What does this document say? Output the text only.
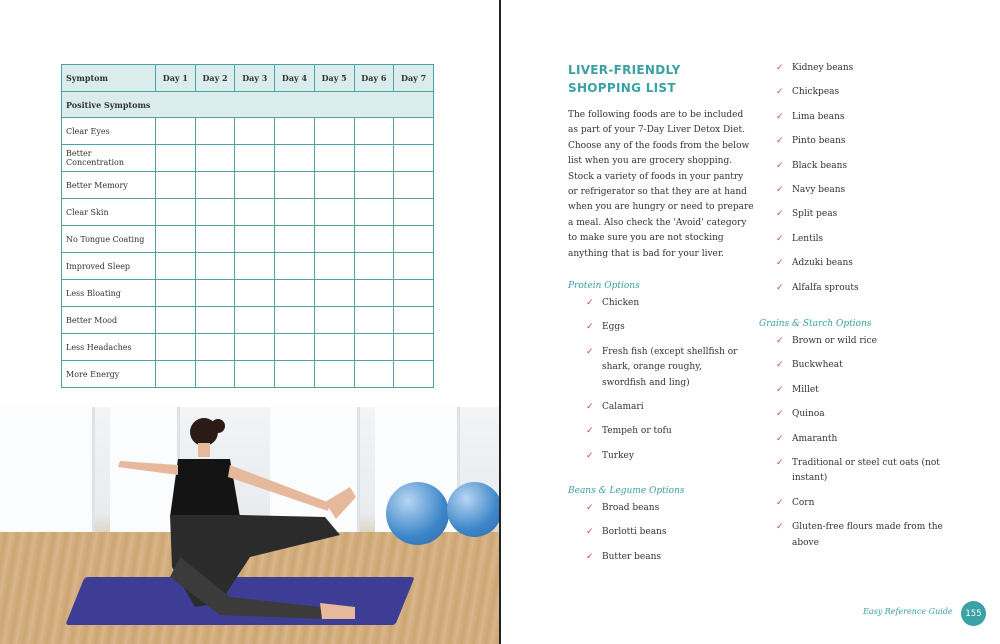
Symptom	Day 1	Day 2	Day 3	Day 4	Day 5	Day 6	Day 7
Positive Symptoms							
Clear Eyes							
Better Concentration							
Better Memory							
Clear Skin							
No Tongue Coating							
Improved Sleep							
Less Bloating							
Better Mood							
Less Headaches							
More Energy							
LIVER-FRIENDLY SHOPPING LIST

The following foods are to be included as part of your 7-Day Liver Detox Diet. Choose any of the foods from the below list when you are grocery shopping. Stock a variety of foods in your pantry or refrigerator so that they are at hand when you are hungry or need to prepare a meal. Also check the 'Avoid' category to make sure you are not stocking anything that is bad for your liver.

Protein Options
✓ Chicken
✓ Eggs
✓ Fresh fish (except shellfish or shark, orange roughy, swordfish and ling)
✓ Calamari
✓ Tempeh or tofu
✓ Turkey
Beans & Legume Options
✓ Broad beans
✓ Borlotti beans
✓ Butter beans
✓ Kidney beans
✓ Chickpeas
✓ Lima beans
✓ Pinto beans
✓ Black beans
✓ Navy beans
✓ Split peas
✓ Lentils
✓ Adzuki beans
✓ Alfalfa sprouts
Grains & Starch Options
✓ Brown or wild rice
✓ Buckwheat
✓ Millet
✓ Quinoa
✓ Amaranth
✓ Traditional or steel cut oats (not instant)
✓ Corn
✓ Gluten-free flours made from the above
Easy Reference Guide	155
